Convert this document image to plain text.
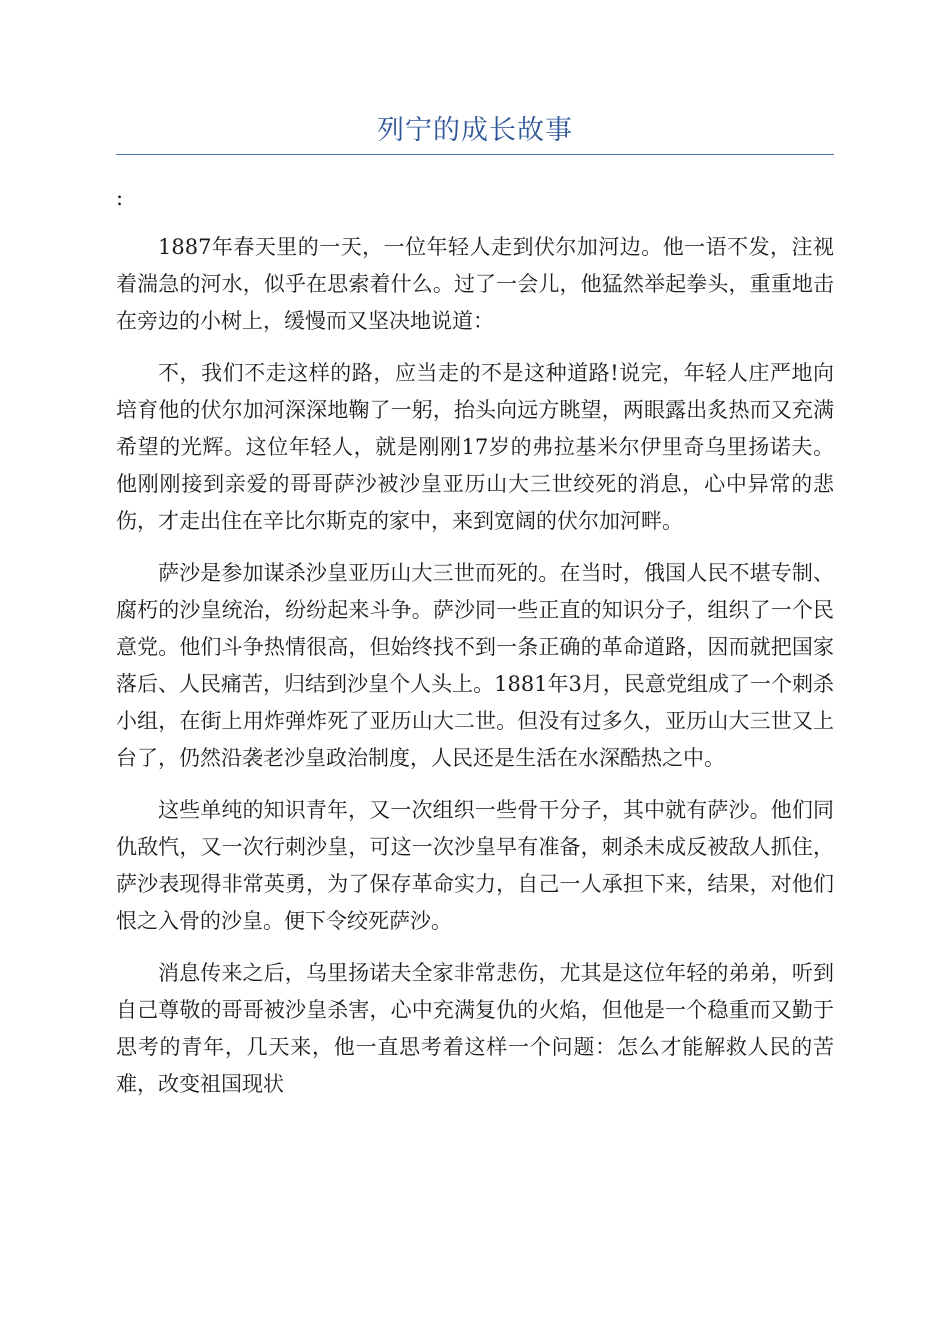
列宁的成长故事
:

1887年春天里的一天，一位年轻人走到伏尔加河边。他一语不发，注视着湍急的河水，似乎在思索着什么。过了一会儿，他猛然举起拳头，重重地击在旁边的小树上，缓慢而又坚决地说道：

不，我们不走这样的路，应当走的不是这种道路!说完，年轻人庄严地向培育他的伏尔加河深深地鞠了一躬，抬头向远方眺望，两眼露出炙热而又充满希望的光辉。这位年轻人，就是刚刚17岁的弗拉基米尔伊里奇乌里扬诺夫。他刚刚接到亲爱的哥哥萨沙被沙皇亚历山大三世绞死的消息，心中异常的悲伤，才走出住在辛比尔斯克的家中，来到宽阔的伏尔加河畔。

萨沙是参加谋杀沙皇亚历山大三世而死的。在当时，俄国人民不堪专制、腐朽的沙皇统治，纷纷起来斗争。萨沙同一些正直的知识分子，组织了一个民意党。他们斗争热情很高，但始终找不到一条正确的革命道路，因而就把国家落后、人民痛苦，归结到沙皇个人头上。1881年3月，民意党组成了一个刺杀小组，在街上用炸弹炸死了亚历山大二世。但没有过多久，亚历山大三世又上台了，仍然沿袭老沙皇政治制度，人民还是生活在水深酷热之中。

这些单纯的知识青年，又一次组织一些骨干分子，其中就有萨沙。他们同仇敌忾，又一次行刺沙皇，可这一次沙皇早有准备，刺杀未成反被敌人抓住，萨沙表现得非常英勇，为了保存革命实力，自己一人承担下来，结果，对他们恨之入骨的沙皇。便下令绞死萨沙。

消息传来之后，乌里扬诺夫全家非常悲伤，尤其是这位年轻的弟弟，听到自己尊敬的哥哥被沙皇杀害，心中充满复仇的火焰，但他是一个稳重而又勤于思考的青年，几天来，他一直思考着这样一个问题：怎么才能解救人民的苦难，改变祖国现状
